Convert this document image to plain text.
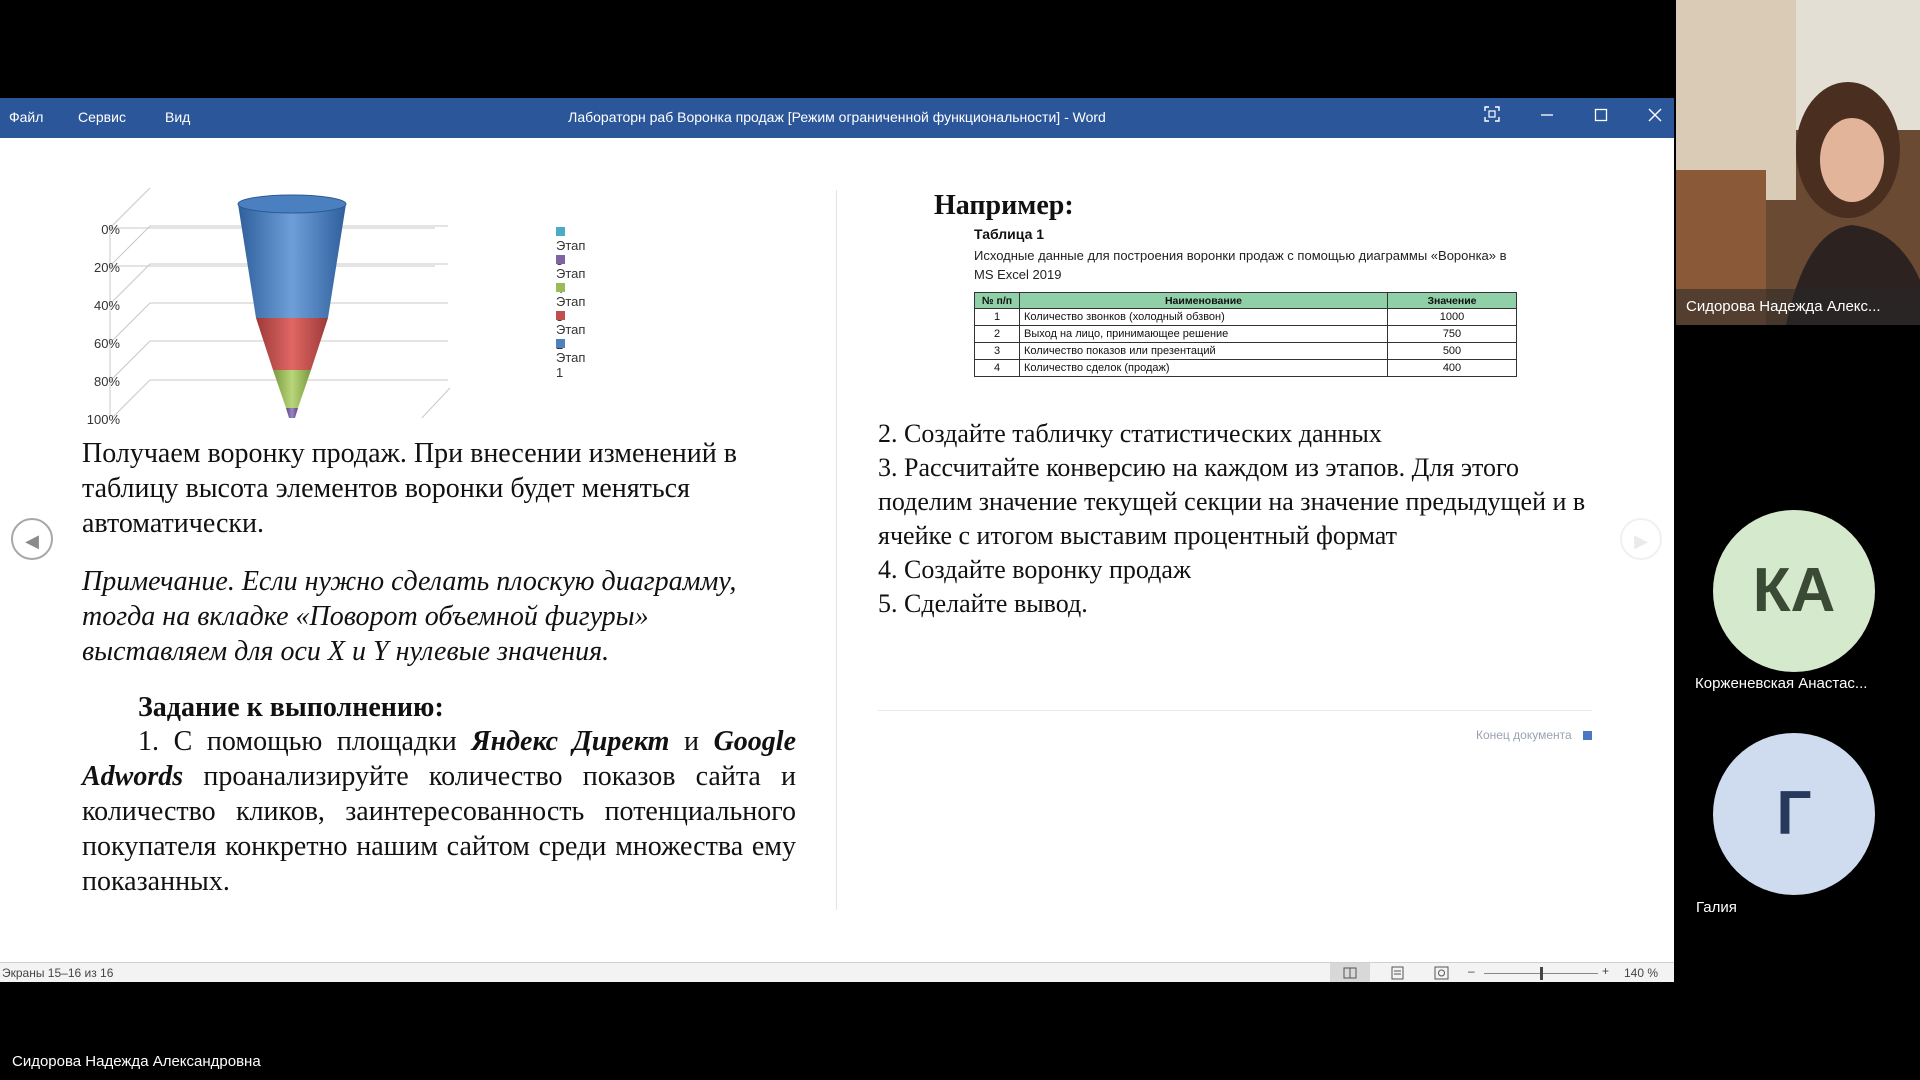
Файл Сервис	Вид	Лабораторн раб Воронка продаж [Режим ограниченной функциональности] - Word
0%
20%
40%
60%
80%
100%
Этап
Этап
Этап
Этап
Этап 1
Получаем воронку продаж. При внесении изменений в таблицу высота элементов воронки будет меняться автоматически.
Примечание. Если нужно сделать плоскую диаграмму, тогда на вкладке «Поворот объемной фигуры» выставляем для оси X и Y нулевые значения.
Задание к выполнению:
1. С помощью площадки Яндекс Директ и Google Adwords проанализируйте количество показов сайта и количество кликов, заинтересованность потенциального покупателя конкретно нашим сайтом среди множества ему показанных.
Например:
Таблица 1
Исходные данные для построения воронки продаж с помощью диаграммы «Воронка» в MS Excel 2019
№ п/п	Наименование	Значение
1	Количество звонков (холодный обзвон)	1000
2	Выход на лицо, принимающее решение	750
3	Количество показов или презентаций	500
4	Количество сделок (продаж)	400
2. Создайте табличку статистических данных
3. Рассчитайте конверсию на каждом из этапов. Для этого поделим значение текущей секции на значение предыдущей и в ячейке с итогом выставим процентный формат
4. Создайте воронку продаж
5. Сделайте вывод.
Конец документа
◀	▶
Экраны 15–16 из 16	–	+ 140 %
Сидорова Надежда Алекс...
КА
Корженевская Анастас...
Г
Галия
Сидорова Надежда Александровна
